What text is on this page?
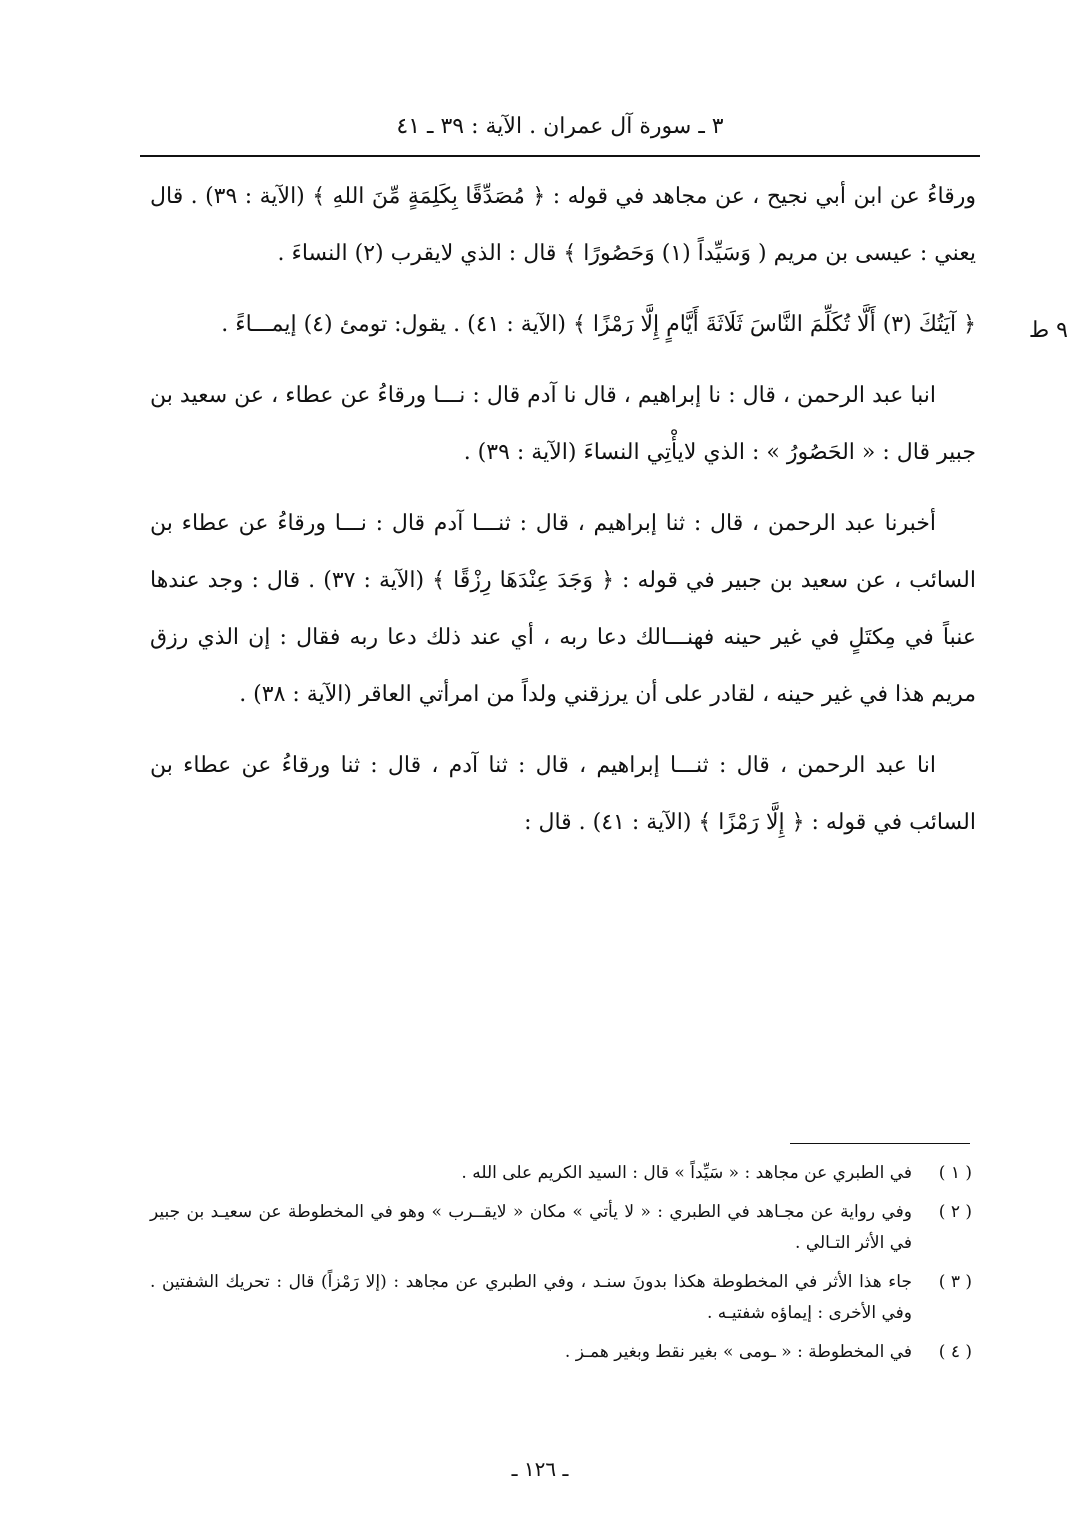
٣ ـ سورة آل عمران . الآية : ٣٩ ـ ٤١

ورقاءُ عن ابن أبي نجيح ، عن مجاهد في قوله : ﴿ مُصَدِّقًا بِكَلِمَةٍ مِّنَ اللهِ ﴾ (الآية : ٣٩) . قال يعني : عيسى بن مريم ( وَسَيِّداً (١) وَحَصُورًا ﴾ قال : الذي لايقرب (٢) النساءَ .

﴿ آيَتُكَ (٣) أَلَّا تُكَلِّمَ النَّاسَ ثَلَاثَةَ أَيَّامٍ إِلَّا رَمْزًا ﴾ (الآية : ٤١) . يقول: تومئ (٤) إيمـــاءً .

انبا عبد الرحمن ، قال : نا إبراهيم ، قال نا آدم قال : نـــا ورقاءُ عن عطاء ، عن سعيد بن جبير قال : « الحَصُورُ » : الذي لايأْتِي النساءَ (الآية : ٣٩) .

أخبرنا عبد الرحمن ، قال : ثنا إبراهيم ، قال : ثنـــا آدم قال : نـــا ورقاءُ عن عطاء بن السائب ، عن سعيد بن جبير في قوله : ﴿ وَجَدَ عِنْدَهَا رِزْقًا ﴾ (الآية : ٣٧) . قال : وجد عندها عنباً في مِكتَلٍ في غير حينه فهنـــالك دعا ربه ، أي عند ذلك دعا ربه فقال : إن الذي رزق مريم هذا في غير حينه ، لقادر على أن يرزقني ولداً من امرأتي العاقر (الآية : ٣٨) .

انا عبد الرحمن ، قال : ثنـــا إبراهيم ، قال : ثنا آدم ، قال : ثنا ورقاءُ عن عطاء بن السائب في قوله : ﴿ إِلَّا رَمْزًا ﴾ (الآية : ٤١) . قال :

٩ ط
( ١ )
في الطبري عن مجاهد : « سَيِّداً » قال : السيد الكريم على الله .
( ٢ )
وفي رواية عن مجـاهد في الطبري : « لا يأتي » مكان « لايقــرب » وهو في المخطوطة عن سعيـد بن جبير في الأثر التـالي .
( ٣ )
جاء هذا الأثر في المخطوطة هكذا بدونَ سنـد ، وفي الطبري عن مجاهد : (إلا رَمْزاً) قال : تحريك الشفتين . وفي الأخرى : إيماؤه شفتيـه .
( ٤ )
في المخطوطة : « ـومى » بغير نقط وبغير همـز .
ـ ١٢٦ ـ
